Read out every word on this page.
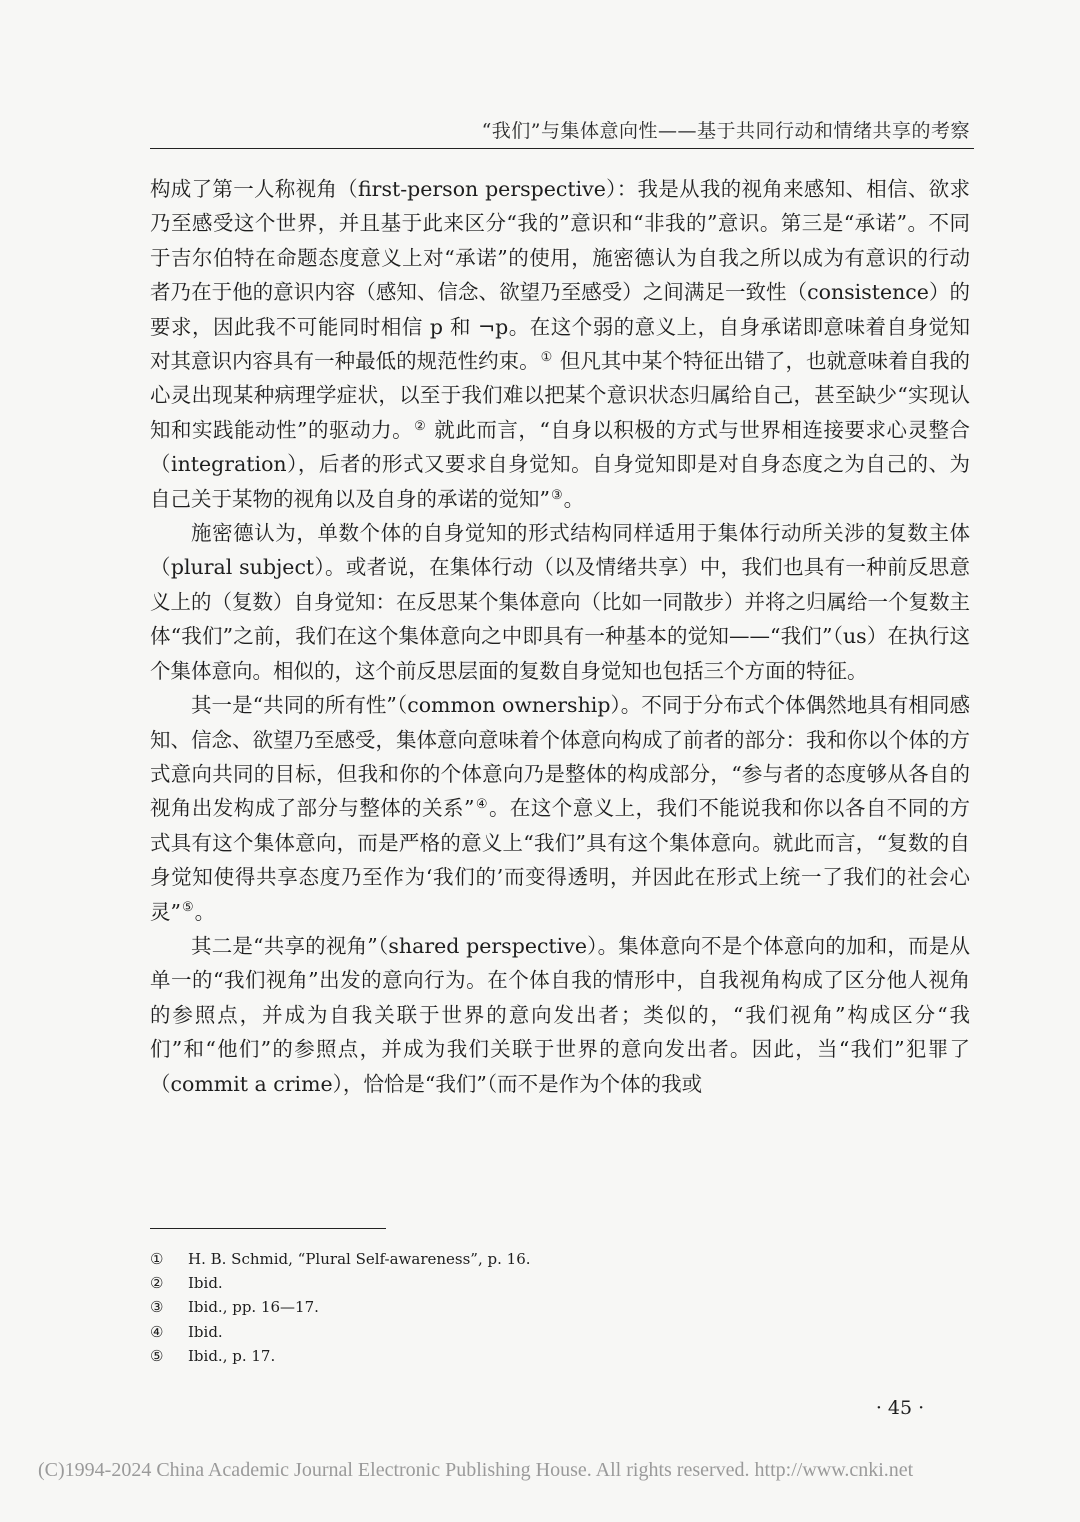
“我们”与集体意向性——基于共同行动和情绪共享的考察

构成了第一人称视角（first-person perspective）：我是从我的视角来感知、相信、欲求乃至感受这个世界，并且基于此来区分“我的”意识和“非我的”意识。第三是“承诺”。不同于吉尔伯特在命题态度意义上对“承诺”的使用，施密德认为自我之所以成为有意识的行动者乃在于他的意识内容（感知、信念、欲望乃至感受）之间满足一致性（consistence）的要求，因此我不可能同时相信 p 和 ¬p。在这个弱的意义上，自身承诺即意味着自身觉知对其意识内容具有一种最低的规范性约束。① 但凡其中某个特征出错了，也就意味着自我的心灵出现某种病理学症状，以至于我们难以把某个意识状态归属给自己，甚至缺少“实现认知和实践能动性”的驱动力。② 就此而言，“自身以积极的方式与世界相连接要求心灵整合（integration），后者的形式又要求自身觉知。自身觉知即是对自身态度之为自己的、为自己关于某物的视角以及自身的承诺的觉知”③。

施密德认为，单数个体的自身觉知的形式结构同样适用于集体行动所关涉的复数主体（plural subject）。或者说，在集体行动（以及情绪共享）中，我们也具有一种前反思意义上的（复数）自身觉知：在反思某个集体意向（比如一同散步）并将之归属给一个复数主体“我们”之前，我们在这个集体意向之中即具有一种基本的觉知——“我们”（us）在执行这个集体意向。相似的，这个前反思层面的复数自身觉知也包括三个方面的特征。

其一是“共同的所有性”（common ownership）。不同于分布式个体偶然地具有相同感知、信念、欲望乃至感受，集体意向意味着个体意向构成了前者的部分：我和你以个体的方式意向共同的目标，但我和你的个体意向乃是整体的构成部分，“参与者的态度够从各自的视角出发构成了部分与整体的关系”④。在这个意义上，我们不能说我和你以各自不同的方式具有这个集体意向，而是严格的意义上“我们”具有这个集体意向。就此而言，“复数的自身觉知使得共享态度乃至作为‘我们的’而变得透明，并因此在形式上统一了我们的社会心灵”⑤。

其二是“共享的视角”（shared perspective）。集体意向不是个体意向的加和，而是从单一的“我们视角”出发的意向行为。在个体自我的情形中，自我视角构成了区分他人视角的参照点，并成为自我关联于世界的意向发出者；类似的，“我们视角”构成区分“我们”和“他们”的参照点，并成为我们关联于世界的意向发出者。因此，当“我们”犯罪了（commit a crime），恰恰是“我们”（而不是作为个体的我或

①	H. B. Schmid, “Plural Self-awareness”, p. 16.
②	Ibid.
③	Ibid., pp. 16—17.
④	Ibid.
⑤	Ibid., p. 17.
· 45 ·
(C)1994-2024 China Academic Journal Electronic Publishing House. All rights reserved. http://www.cnki.net
